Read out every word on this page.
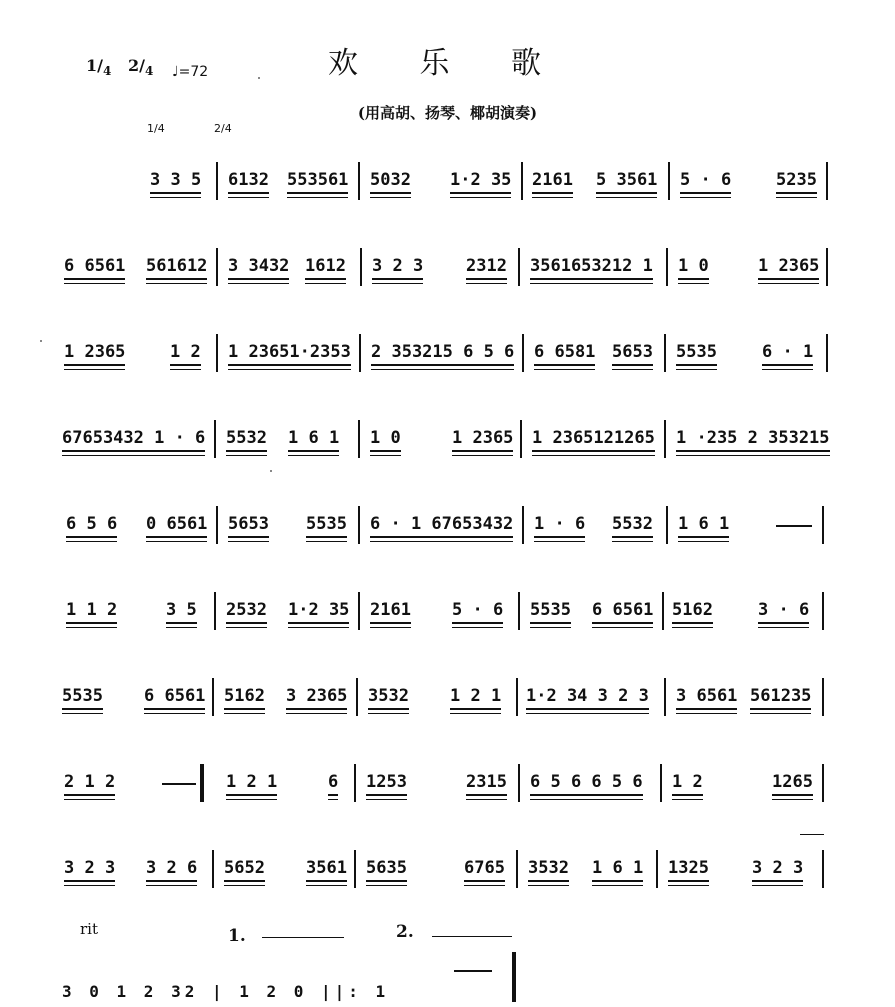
$1/_4$ $2/_4$ ♩=72	欢 乐 歌
(用高胡、扬琴、椰胡演奏)
1/4	2/4
3 3 5 6132 553561 5032 1·2 35 2161 5 3561 5 · 6	5235
6 6561 561612 3 3432 1612 3 2 3	2312 3561653212 1 1 0	1 2365
1 2365	1 2 1 23651·2353 2 353215 6 5 6 6 6581 5653 5535	6 · 1
67653432 1 · 6 5532 1 6 1 1 0	1 2365 1 2365121265 1 ·235 2 353215
6 5 6 0 6561 5653 5535 6 · 1 67653432 1 · 6 5532 1 6 1
1 1 2	3 5 2532 1·2 35 2161 5 · 6 5535 6 6561 5162	3 · 6
5535 6 6561 5162 3 2365 3532 1 2 1 1·2 34 3 2 3 3 6561 561235
2 1 2	1 2 1	6 1253	2315 6 5 6 6 5 6 1 2	1265
3 2 3 3 2 6 5652 3561 5635	6765 3532 1 6 1 1325	3 2 3
rit	1.	2.
3 0 1 2 32 | 1 2 0 ||: 1
